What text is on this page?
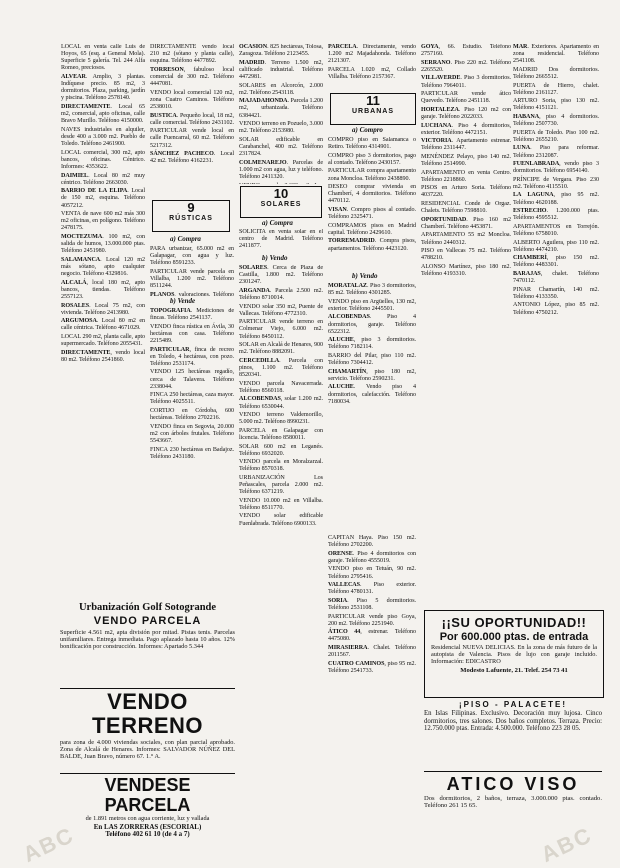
LOCAL en venta calle Luis de Hoyos, 65 (esq. a General Mola). Superficie 5 galería. Tel. 244 Alfa Romeo, preciosos.

ALVEAR. Amplio, 3 plantas. Indíquese precio. 85 m2, 3 dormitorios. Plaza, parking, jardín y piscina. Teléfono 2578140.

DIRECTAMENTE. Local 65 m2, comercial, apto oficinas, calle Bravo Murillo. Teléfono 4150000.

NAVES industriales en alquiler, desde 400 a 3.000 m2. Pueblo de Toledo. Teléfono 2461900.

LOCAL comercial, 300 m2, apto bancos, oficinas. Céntrico. Informes: 4353622.

DAIMIEL. Local 80 m2 muy céntrico. Teléfono 2663030.

BARRIO DE LA ELIPA. Local de 150 m2, esquina. Teléfono 4057212.

VENTA de nave 600 m2 más 300 m2 oficinas, en polígono. Teléfono 2478175.

MOCTEZUMA. 100 m2, con salida de humos, 13.000.000 ptas. Teléfono 2451980.

SALAMANCA. Local 120 m2 más sótano, apto cualquier negocio. Teléfono 4329816.

ALCALÁ, local 180 m2, apto bancos, tiendas. Teléfono 2557123.

ROSALES. Local 75 m2, con vivienda. Teléfono 2413980.

ARGUMOSA. Local 80 m2 en calle céntrica. Teléfono 4671029.

LOCAL 290 m2, planta calle, apto supermercado. Teléfono 2055431.

DIRECTAMENTE, vendo local 80 m2. Teléfono 2541860.

DIRECTAMENTE vendo local 210 m2 (sótano y planta calle), esquina. Teléfono 4477892.

TORRESON, fabuloso local comercial de 300 m2. Teléfono 4447081.

VENDO local comercial 120 m2, zona Cuatro Caminos. Teléfono 2538010.

BUSTICA. Pequeño local, 18 m2, calle comercial. Teléfono 2431102.

PARTICULAR vende local en calle Fuencarral, 60 m2. Teléfono 5217312.

SÁNCHEZ PACHECO. Local 42 m2. Teléfono 4162231.

9
RÚSTICAS
a) Compra

PARA urbanizar, 65.000 m2 en Galapagar, con agua y luz. Teléfono 8591233.

PARTICULAR vende parcela en Villalba, 1.200 m2. Teléfono 8511244.

PLANOS, valoraciones. Teléfono

b) Vende

TOPOGRAFÍA. Mediciones de fincas. Teléfono 2541137.

VENDO finca rústica en Ávila, 30 hectáreas con casa. Teléfono 2215489.

PARTICULAR, finca de recreo en Toledo, 4 hectáreas, con pozo. Teléfono 2531174.

VENDO 125 hectáreas regadío, cerca de Talavera. Teléfono 2338044.

FINCA 250 hectáreas, caza mayor. Teléfono 4025511.

CORTIJO en Córdoba, 600 hectáreas. Teléfono 2702216.

VENDO finca en Segovia, 20.000 m2 con árboles frutales. Teléfono 5543667.

FINCA 230 hectáreas en Badajoz. Teléfono 2431180.

OCASION. 825 hectáreas, Tolosa, Zaragoza. Teléfono 2123455.

MADRID. Terreno 1.500 m2, calificado industrial. Teléfono 4472981.

SOLARES en Alcorcón, 2.000 m2. Teléfono 2543118.

MAJADAHONDA. Parcela 1.200 m2, urbanizada. Teléfono 6384421.

VENDO terreno en Pozuelo, 3.000 m2. Teléfono 2153980.

SOLAR edificable en Carabanchel, 400 m2. Teléfono 2317824.

COLMENAREJO. Parcelas de 1.000 m2 con agua, luz y teléfono. Teléfono 2411320.

10
SOLARES
a) Compra

SOLICITA en venta solar en el centro de Madrid. Teléfono 2411877.

b) Vendo

SOLARES. Cerca de Plaza de Castilla, 1.800 m2. Teléfono 2301247.

ARGANDA. Parcela 2.500 m2. Teléfono 8710014.

VENDO solar 350 m2, Puente de Vallecas. Teléfono 4772310.

PARTICULAR vende terreno en Colmenar Viejo, 6.000 m2. Teléfono 8450112.

SOLAR en Alcalá de Henares, 900 m2. Teléfono 8882091.

CERCEDILLA. Parcela con pinos, 1.100 m2. Teléfono 8520341.

VENDO parcela Navacerrada. Teléfono 8560118.

ALCOBENDAS, solar 1.200 m2. Teléfono 6530044.

VENDO terreno Valdemorillo, 5.000 m2. Teléfono 8990231.

PARCELA en Galapagar con licencia. Teléfono 8580011.

SOLAR 600 m2 en Leganés. Teléfono 6932020.

VENDO parcela en Moralzarzal. Teléfono 8570318.

URBANIZACIÓN Los Peñascales, parcela 2.000 m2. Teléfono 6371219.

VENDO 10.000 m2 en Villalba. Teléfono 8511770.

VENDO solar edificable Fuenlabrada. Teléfono 6900133.

PARCELA. Directamente, vendo 1.200 m2 Majadahonda. Teléfono 2121307.

PARCELA 1.020 m2, Collado Villalba. Teléfono 2157367.

11
URBANAS
a) Compro

COMPRO piso en Salamanca o Retiro. Teléfono 4314901.

COMPRO piso 3 dormitorios, pago al contado. Teléfono 2430157.

PARTICULAR compra apartamento zona Moncloa. Teléfono 2438890.

DESEO comprar vivienda en Chamberí, 4 dormitorios. Teléfono 4470112.

VISAN. Compro pisos al contado. Teléfono 2325471.

COMPRAMOS pisos en Madrid capital. Teléfono 2429610.

TORREMADRID. Compra pisos, apartamentos. Teléfono 4423120.

b) Vendo

MORATALAZ. Piso 3 dormitorios, 85 m2. Teléfono 4301285.

VENDO piso en Argüelles, 130 m2, exterior. Teléfono 2445501.

ALCOBENDAS. Piso 4 dormitorios, garaje. Teléfono 6522312.

ALUCHE, piso 3 dormitorios. Teléfono 7182114.

BARRIO del Pilar, piso 110 m2. Teléfono 7304412.

CHAMARTÍN, piso 180 m2, servicio. Teléfono 2590231.

ALUCHE. Vendo piso 4 dormitorios, calefacción. Teléfono 7180034.

CAPITÁN Haya. Piso 150 m2. Teléfono 2702200.

ORENSE. Piso 4 dormitorios con garaje. Teléfono 4555019.

VENDO piso en Tetuán, 90 m2. Teléfono 2795416.

VALLECAS. Piso exterior. Teléfono 4780131.

SORIA. Piso 5 dormitorios. Teléfono 2531108.

PARTICULAR vende piso Goya, 200 m2. Teléfono 2251940.

ÁTICO 44, estrenar. Teléfono 4475080.

MIRASIERRA. Chalet. Teléfono 2011567.

CUATRO CAMINOS, piso 95 m2. Teléfono 2541733.

GOYA, 66. Estudio. Teléfono 2757160.

SERRANO. Piso 220 m2. Teléfono 2265520.

VILLAVERDE. Piso 3 dormitorios. Teléfono 7964011.

PARTICULAR vende ático Quevedo. Teléfono 2451118.

HORTALEZA. Piso 120 m2 con garaje. Teléfono 2022033.

LUCHANA. Piso 4 dormitorios, exterior. Teléfono 4472151.

VICTORIA. Apartamento estrenar. Teléfono 2311447.

MENÉNDEZ Pelayo, piso 140 m2. Teléfono 2514990.

APARTAMENTO en venta Centro. Teléfono 2218860.

PISOS en Arturo Soria. Teléfono 4037220.

RESIDENCIAL Conde de Orgaz. Chalets. Teléfono 7598810.

OPORTUNIDAD. Piso 160 m2 Chamberí. Teléfono 4453871.

APARTAMENTO 55 m2 Moncloa. Teléfono 2440312.

PISO en Vallecas 75 m2. Teléfono 4788210.

ALONSO Martínez, piso 180 m2. Teléfono 4193310.

MAR. Exteriores. Apartamento en zona residencial. Teléfono 2541108.

MADRID Dos dormitorios. Teléfono 2665512.

PUERTA de Hierro, chalet. Teléfono 2161127.

ARTURO Soria, piso 130 m2. Teléfono 4151121.

HABANA, piso 4 dormitorios. Teléfono 2507730.

PUERTA de Toledo. Piso 100 m2. Teléfono 2655210.

LUNA. Piso para reformar. Teléfono 2312087.

FUENLABRADA, vendo piso 3 dormitorios. Teléfono 6954140.

PRÍNCIPE de Vergara. Piso 230 m2. Teléfono 4115510.

LA LAGUNA, piso 95 m2. Teléfono 4620188.

ESTRECHO. 1.200.000 ptas. Teléfono 4595512.

APARTAMENTOS en Torrejón. Teléfono 6758010.

ALBERTO Aguilera, piso 110 m2. Teléfono 4474210.

CHAMBERÍ, piso 150 m2. Teléfono 4483301.

BARAJAS, chalet. Teléfono 7470112.

PINAR Chamartín, 140 m2. Teléfono 4133350.

ANTONIO López, piso 85 m2. Teléfono 4750212.

Urbanización Golf Sotogrande
VENDO PARCELA
Superficie 4.561 m2, apta división por mitad. Pistas tenis. Parcelas unifamiliares. Entrega inmediata. Pago aplazado hasta 10 años. 12% bonificación por construcción. Informes: Apartado 5.344
VENDO TERRENO
para zona de 4.000 viviendas sociales, con plan parcial aprobado. Zona de Alcalá de Henares. Informes: SALVADOR NÚÑEZ DEL BALDE, Juan Bravo, número 67. 1.° A.
VENDESE PARCELA
de 1.891 metros con agua corriente, luz y vallada
En LAS ZORRERAS (ESCORIAL)
Teléfono 402 61 10 (de 4 a 7)
¡¡SU OPORTUNIDAD!!
Por 600.000 ptas. de entrada
Residencial NUEVA DELICIAS. En la zona de más futuro de la autopista de Valencia. Pisos de lujo con garaje incluido. Información: EDICASTRO
Modesto Lafuente, 21. Telef. 254 73 41
¡PISO - PALACETE!
En Islas Filipinas. Exclusivo. Decoración muy lujosa. Cinco dormitorios, tres salones. Dos baños completos. Terraza. Precio: 12.750.000 ptas. Entrada: 4.500.000. Teléfono 223 28 05.
ATICO VISO
Dos dormitorios, 2 baños, terraza, 3.000.000 ptas. contado. Teléfono 261 15 65.
ABC	ABC
